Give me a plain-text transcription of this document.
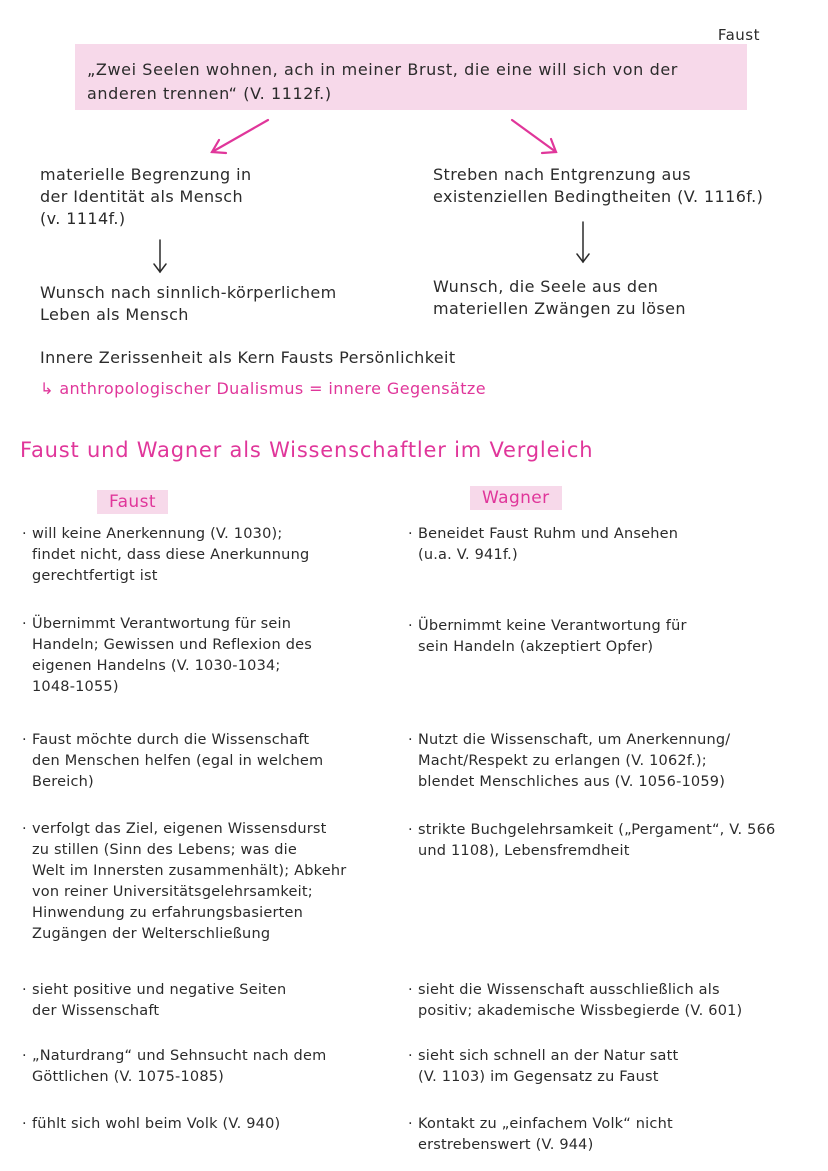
Faust
„Zwei Seelen wohnen, ach in meiner Brust, die eine will sich von der anderen trennen“ (V. 1112f.)
materielle Begrenzung in
der Identität als Mensch
(v. 1114f.)
Wunsch nach sinnlich-körperlichem
Leben als Mensch
Streben nach Entgrenzung aus
existenziellen Bedingtheiten (V. 1116f.)
Wunsch, die Seele aus den
materiellen Zwängen zu lösen
Innere Zerissenheit als Kern Fausts Persönlichkeit
↳ anthropologischer Dualismus = innere Gegensätze
Faust und Wagner als Wissenschaftler im Vergleich
Faust	Wagner
· will keine Anerkennung (V. 1030);
findet nicht, dass diese Anerkunnung
gerechtfertigt ist
· Übernimmt Verantwortung für sein
Handeln; Gewissen und Reflexion des
eigenen Handelns (V. 1030-1034;
1048-1055)
· Faust möchte durch die Wissenschaft
den Menschen helfen (egal in welchem
Bereich)
· verfolgt das Ziel, eigenen Wissensdurst
zu stillen (Sinn des Lebens; was die
Welt im Innersten zusammenhält); Abkehr
von reiner Universitätsgelehrsamkeit;
Hinwendung zu erfahrungsbasierten
Zugängen der Welterschließung
· sieht positive und negative Seiten
der Wissenschaft
· „Naturdrang“ und Sehnsucht nach dem
Göttlichen (V. 1075-1085)
· fühlt sich wohl beim Volk (V. 940)
· Beneidet Faust Ruhm und Ansehen
(u.a. V. 941f.)
· Übernimmt keine Verantwortung für
sein Handeln (akzeptiert Opfer)
· Nutzt die Wissenschaft, um Anerkennung/
Macht/Respekt zu erlangen (V. 1062f.);
blendet Menschliches aus (V. 1056-1059)
· strikte Buchgelehrsamkeit („Pergament“, V. 566
und 1108), Lebensfremdheit
· sieht die Wissenschaft ausschließlich als
positiv; akademische Wissbegierde (V. 601)
· sieht sich schnell an der Natur satt
(V. 1103) im Gegensatz zu Faust
· Kontakt zu „einfachem Volk“ nicht
erstrebenswert (V. 944)
